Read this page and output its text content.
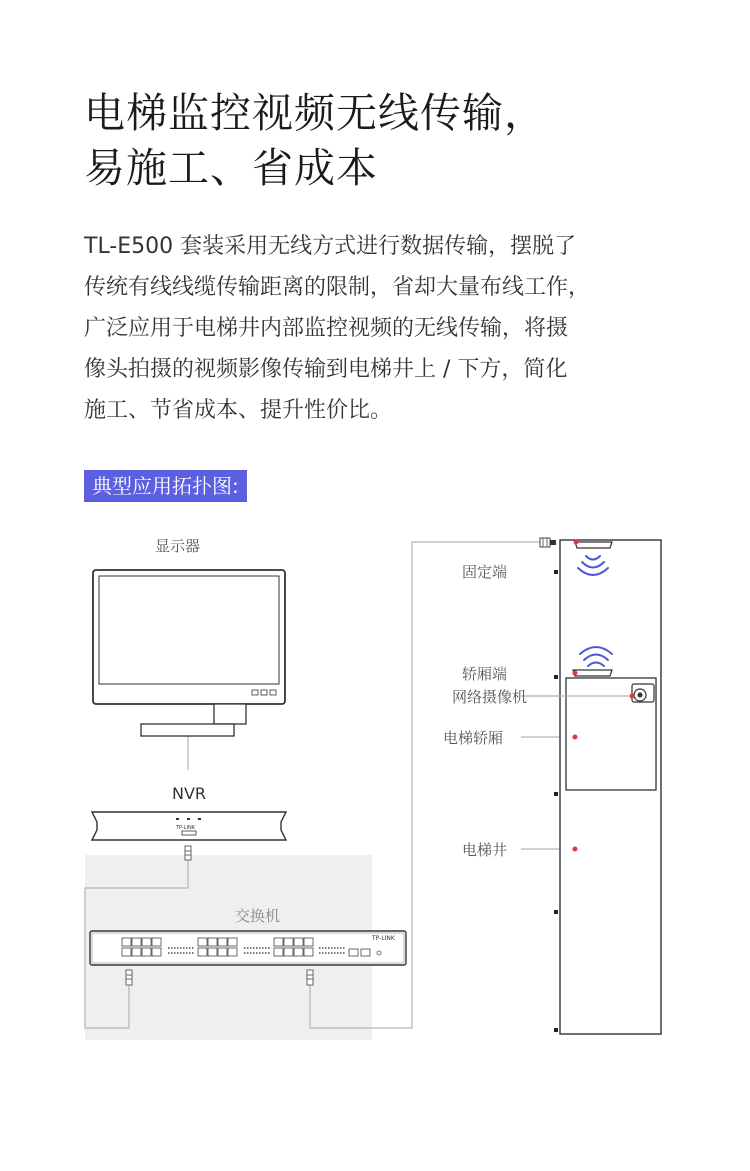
电梯监控视频无线传输，
易施工、省成本

TL-E500 套装采用无线方式进行数据传输，摆脱了
传统有线线缆传输距离的限制，省却大量布线工作，
广泛应用于电梯井内部监控视频的无线传输，将摄
像头拍摄的视频影像传输到电梯井上 / 下方，简化
施工、节省成本、提升性价比。

典型应用拓扑图:
显示器
NVR
TP-LINK
交换机
TP-LINK
固定端
轿厢端
网络摄像机
电梯轿厢
电梯井
